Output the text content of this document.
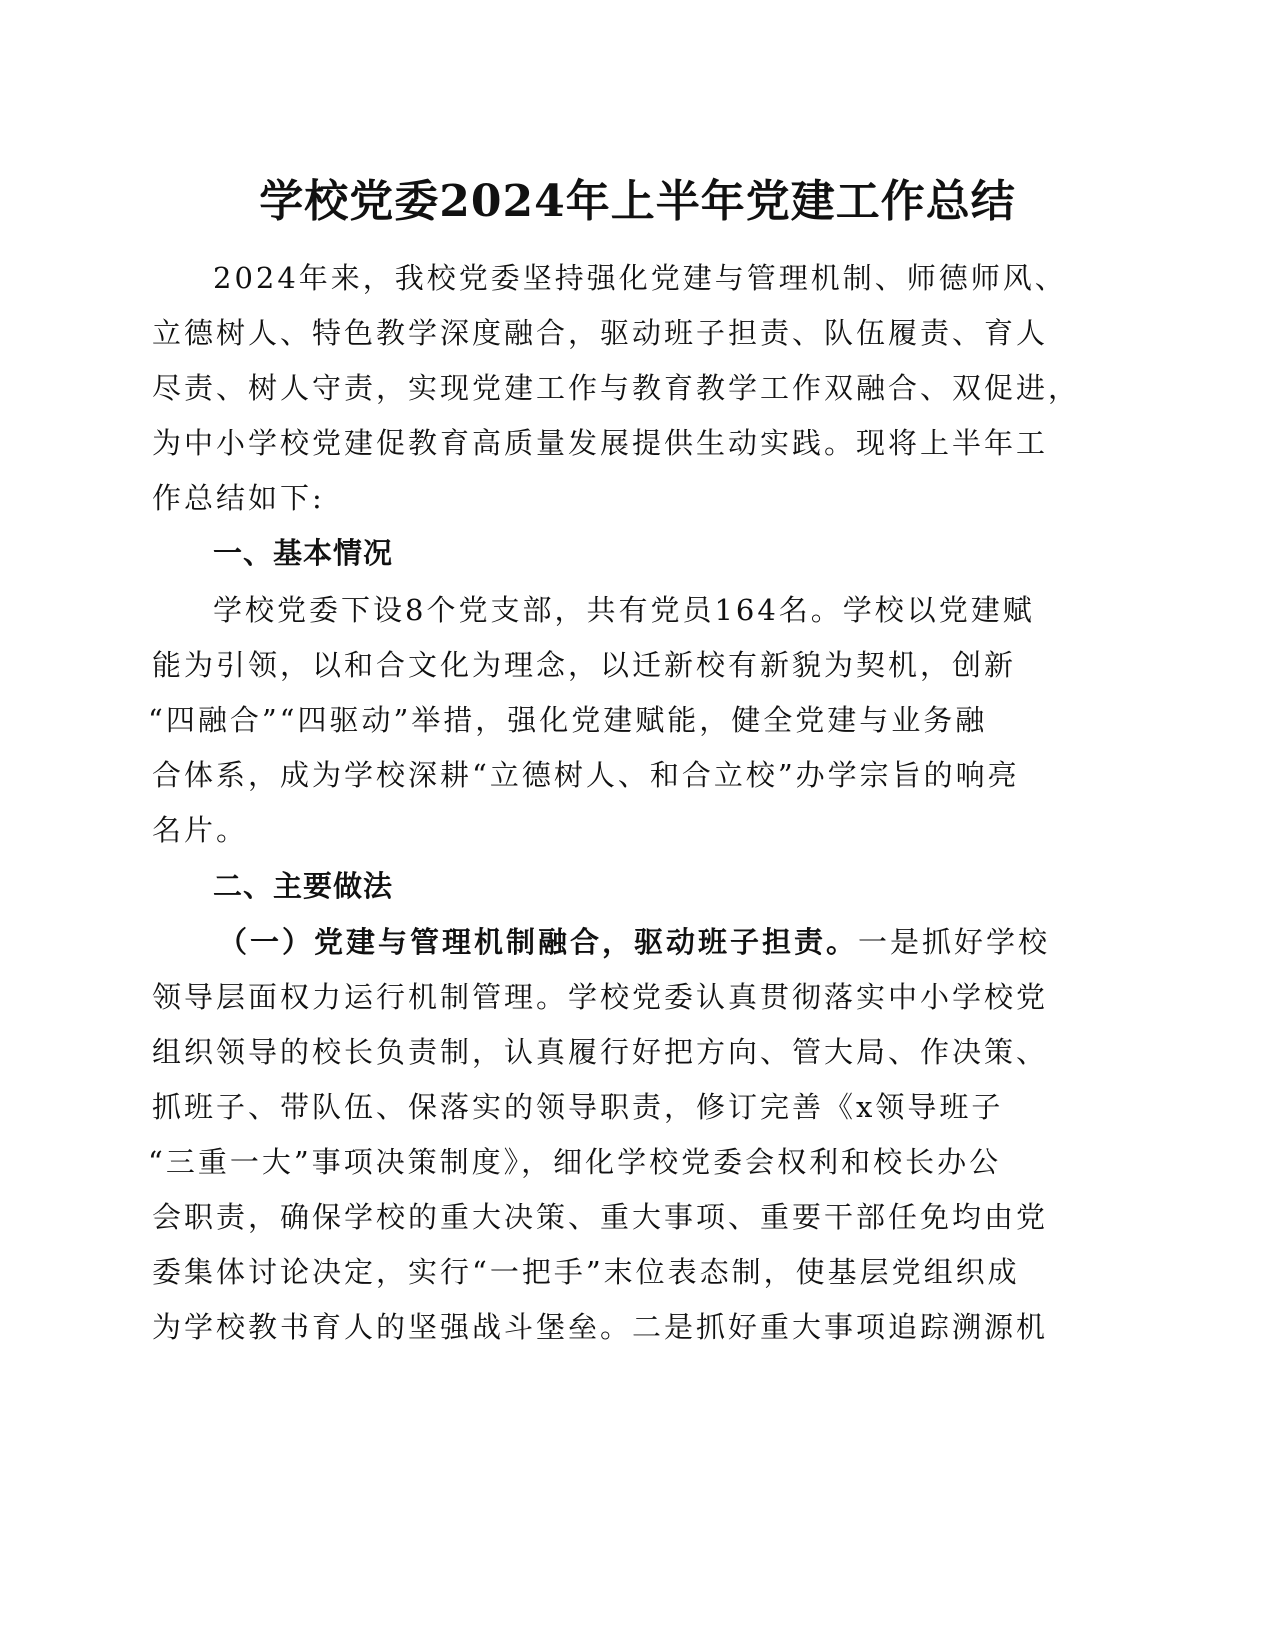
学校党委2024年上半年党建工作总结
2024年来，我校党委坚持强化党建与管理机制、师德师风、
立德树人、特色教学深度融合，驱动班子担责、队伍履责、育人
尽责、树人守责，实现党建工作与教育教学工作双融合、双促进，
为中小学校党建促教育高质量发展提供生动实践。现将上半年工
作总结如下:
一、基本情况
学校党委下设8个党支部，共有党员164名。学校以党建赋
能为引领，以和合文化为理念，以迁新校有新貌为契机，创新
“四融合”“四驱动”举措，强化党建赋能，健全党建与业务融
合体系，成为学校深耕“立德树人、和合立校”办学宗旨的响亮
名片。
二、主要做法
（一）党建与管理机制融合，驱动班子担责。一是抓好学校
领导层面权力运行机制管理。学校党委认真贯彻落实中小学校党
组织领导的校长负责制，认真履行好把方向、管大局、作决策、
抓班子、带队伍、保落实的领导职责，修订完善《x领导班子
“三重一大”事项决策制度》，细化学校党委会权利和校长办公
会职责，确保学校的重大决策、重大事项、重要干部任免均由党
委集体讨论决定，实行“一把手”末位表态制，使基层党组织成
为学校教书育人的坚强战斗堡垒。二是抓好重大事项追踪溯源机
